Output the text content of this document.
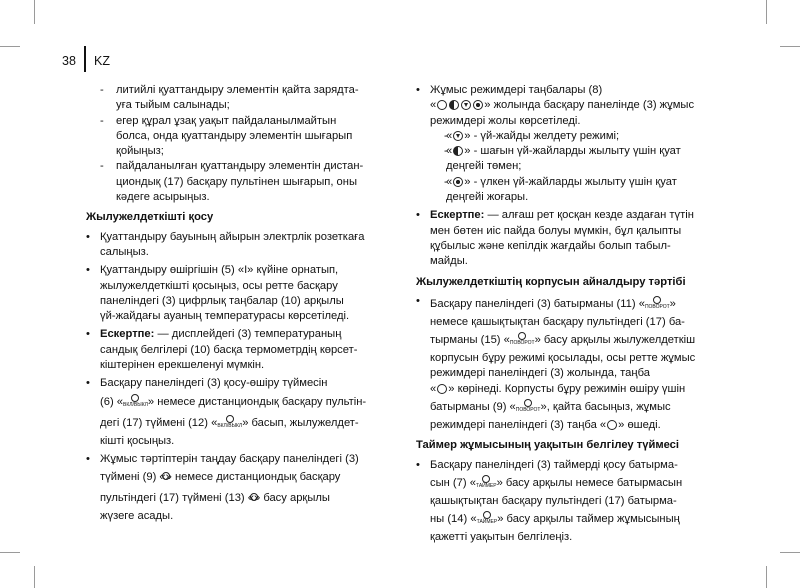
38 KZ
- литийлі қуаттандыру элементін қайта зарядта-
уға тыйым салынады;
- егер құрал ұзақ уақыт пайдаланылмайтын
болса, онда қуаттандыру элементін шығарып
қойыңыз;
- пайдаланылған қуаттандыру элементін дистан-
циондық (17) басқару пультінен шығарып, оны
кәдеге асырыңыз.

Жылужелдеткішті қосу

• Қуаттандыру бауының айырын электрлік розеткаға
салыңыз.
• Қуаттандыру өшіргішін (5) «I» күйіне орнатып,
жылужелдеткішті қосыңыз, осы ретте басқару
панеліндегі (3) цифрлық таңбалар (10) арқылы
үй-жайдағы ауаның температурасы көрсетіледі.
• Ескертпе: — дисплейдегі (3) температураның
сандық белгілері (10) басқа термометрдің көрсет-
кіштерінен ерекшеленуі мүмкін.
• Басқару панеліндегі (3) қосу-өшіру түймесін
(6) «ВКЛ/ВЫКЛ» немесе дистанциондық басқару пультін-
дегі (17) түймені (12) «ВКЛ/ВЫКЛ» басып, жылужелдет-
кішті қосыңыз.
• Жұмыс тәртіптерін таңдау басқару панеліндегі (3)
түймені (9) «» немесе дистанциондық басқару
пультіндегі (17) түймені (13) «» басу арқылы
жүзеге асады.
• Жұмыс режимдері таңбалары (8)
«	» жолында басқару панелінде (3) жұмыс
режимдері жолы көрсетіледі.
- « » - үй-жайды желдету режимі;
- « » - шағын үй-жайларды жылыту үшін қуат
деңгейі төмен;
- « » - үлкен үй-жайларды жылыту үшін қуат
деңгейі жоғары.
• Ескертпе: — алғаш рет қосқан кезде аздаған түтін
мен бөтен иіс пайда болуы мүмкін, бұл қалыпты
құбылыс және кепілдік жағдайы болып табыл-
майды.

Жылужелдеткіштің корпусын айналдыру тәртібі

• Басқару панеліндегі (3) батырманы (11) «ПОВОРОТ»
немесе қашықтықтан басқару пультіндегі (17) ба-
тырманы (15) «ПОВОРОТ» басу арқылы жылужелдеткіш
корпусын бұру режимі қосылады, осы ретте жұмыс
режимдері панеліндегі (3) жолында, таңба
« » көрінеді. Корпусты бұру режимін өшіру үшін
батырманы (9) «ПОВОРОТ», қайта басыңыз, жұмыс
режимдері панеліндегі (3) таңба « » өшеді.

Таймер жұмысының уақытын белгілеу түймесі

• Басқару панеліндегі (3) таймерді қосу батырма-
сын (7) «ТАЙМЕР» басу арқылы немесе батырмасын
қашықтықтан басқару пультіндегі (17) батырма-
ны (14) «ТАЙМЕР» басу арқылы таймер жұмысының
қажетті уақытын белгілеңіз.
